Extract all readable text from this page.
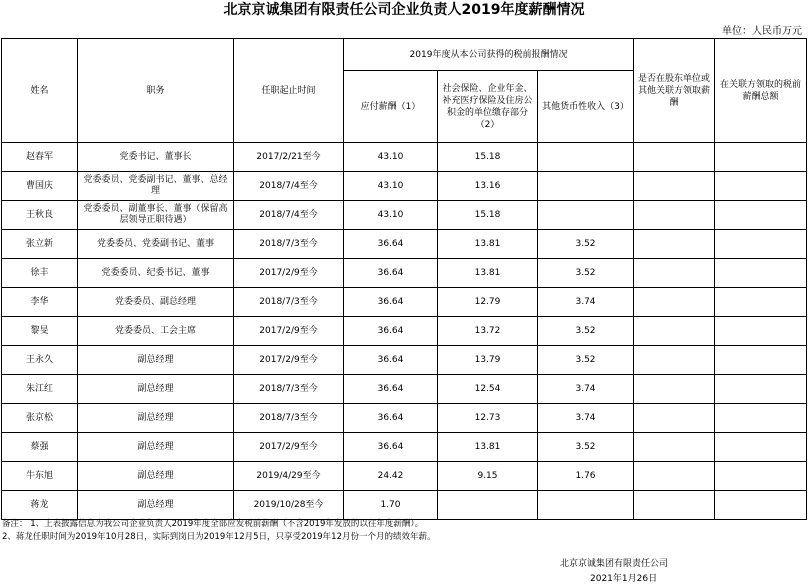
北京京诚集团有限责任公司企业负责人2019年度薪酬情况
单位：人民币万元
姓名	职务	任职起止时间	2019年度从本公司获得的税前报酬情况			是否在股东单位或其他关联方领取薪酬	在关联方领取的税前薪酬总额
			应付薪酬（1）	社会保险、企业年金、补充医疗保险及住房公积金的单位缴存部分（2）	其他货币性收入（3）		
赵春军	党委书记、董事长	2017/2/21至今	43.10	15.18			
曹国庆	党委委员、党委副书记、董事、总经理	2018/7/4至今	43.10	13.16			
王秋良	党委委员、副董事长、董事（保留高层领导正职待遇）	2018/7/4至今	43.10	15.18			
张立新	党委委员、党委副书记、董事	2018/7/3至今	36.64	13.81	3.52		
徐丰	党委委员、纪委书记、董事	2017/2/9至今	36.64	13.81	3.52		
李华	党委委员、副总经理	2018/7/3至今	36.64	12.79	3.74		
黎旻	党委委员、工会主席	2017/2/9至今	36.64	13.72	3.52		
王永久	副总经理	2017/2/9至今	36.64	13.79	3.52		
朱江红	副总经理	2018/7/3至今	36.64	12.54	3.74		
张京松	副总经理	2018/7/3至今	36.64	12.73	3.74		
蔡强	副总经理	2017/2/9至今	36.64	13.81	3.52		
牛东旭	副总经理	2019/4/29至今	24.42	9.15	1.76		
蒋龙	副总经理	2019/10/28至今	1.70				
备注： 1、上表披露信息为我公司企业负责人2019年度全部应发税前薪酬（不含2019年发放的以往年度薪酬）。
2、蒋龙任职时间为2019年10月28日，实际到岗日为2019年12月5日，只享受2019年12月份一个月的绩效年薪。
北京京诚集团有限责任公司
2021年1月26日
